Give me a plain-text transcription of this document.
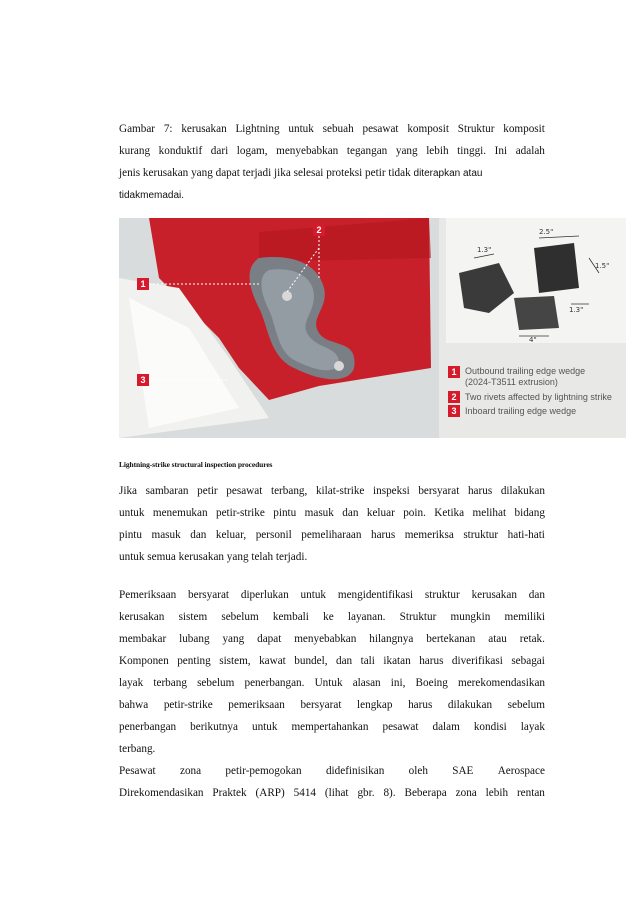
Gambar 7: kerusakan Lightning untuk sebuah pesawat komposit Struktur komposit
kurang konduktif dari logam, menyebabkan tegangan yang lebih tinggi. Ini adalah
jenis kerusakan yang dapat terjadi jika selesai proteksi petir tidak diterapkan atau
tidakmemadai.
1.3"
2.5"
1.5"
4"
1.3"
1
2
3
1 Outbound trailing edge wedge
(2024-T3511 extrusion)
2 Two rivets affected by lightning strike
3 Inboard trailing edge wedge
Lightning-strike structural inspection procedures
Jika sambaran petir pesawat terbang, kilat-strike inspeksi bersyarat harus dilakukan
untuk menemukan petir-strike pintu masuk dan keluar poin. Ketika melihat bidang
pintu masuk dan keluar, personil pemeliharaan harus memeriksa struktur hati-hati
untuk semua kerusakan yang telah terjadi.
Pemeriksaan bersyarat diperlukan untuk mengidentifikasi struktur kerusakan dan
kerusakan sistem sebelum kembali ke layanan. Struktur mungkin memiliki
membakar lubang yang dapat menyebabkan hilangnya bertekanan atau retak.
Komponen penting sistem, kawat bundel, dan tali ikatan harus diverifikasi sebagai
layak terbang sebelum penerbangan. Untuk alasan ini, Boeing merekomendasikan
bahwa petir-strike pemeriksaan bersyarat lengkap harus dilakukan sebelum
penerbangan berikutnya untuk mempertahankan pesawat dalam kondisi layak
terbang.
Pesawat zona petir-pemogokan didefinisikan oleh SAE Aerospace
Direkomendasikan Praktek (ARP) 5414 (lihat gbr. 8). Beberapa zona lebih rentan
